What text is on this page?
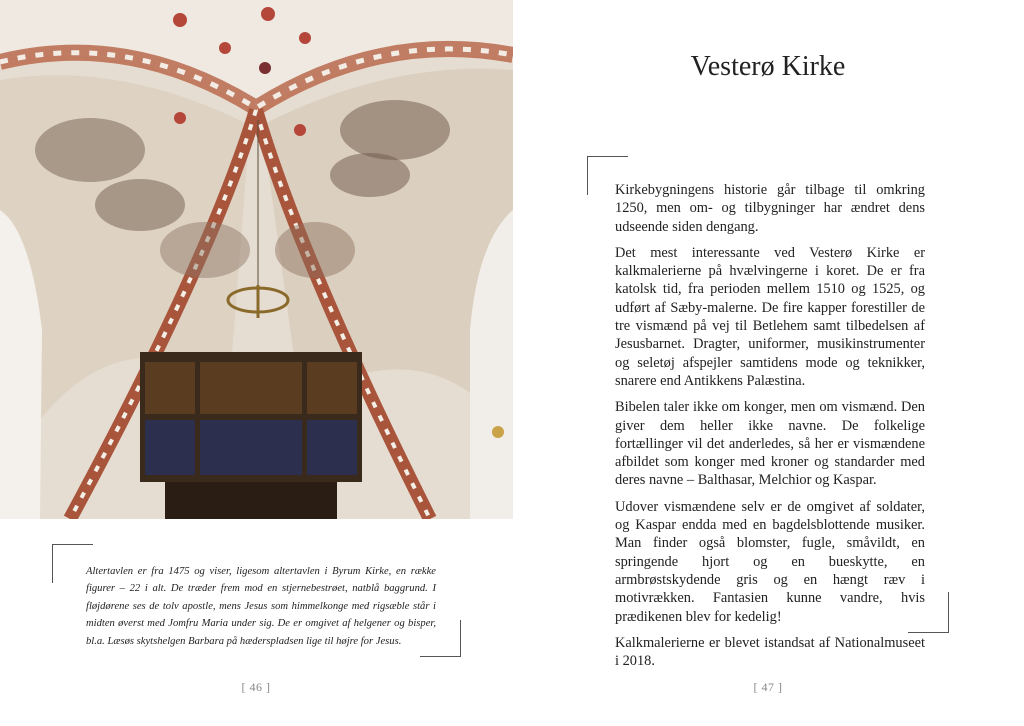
Altertavlen er fra 1475 og viser, ligesom altertavlen i Byrum Kirke, en række figurer – 22 i alt. De træder frem mod en stjernebestrøet, natblå baggrund. I fløjdørene ses de tolv apostle, mens Jesus som himmelkonge med rigsæble står i midten øverst med Jomfru Maria under sig. De er omgivet af helgener og bisper, bl.a. Læsøs skytshelgen Barbara på hæderspladsen lige til højre for Jesus.
[ 46 ]
Vesterø Kirke

Kirkebygningens historie går tilbage til omkring 1250, men om- og tilbygninger har ændret dens udseende siden dengang.

Det mest interessante ved Vesterø Kirke er kalkmalerierne på hvælvingerne i koret. De er fra katolsk tid, fra perioden mellem 1510 og 1525, og udført af Sæby-malerne. De fire kapper forestiller de tre vismænd på vej til Betlehem samt tilbedelsen af Jesusbarnet. Dragter, uniformer, musikinstrumenter og seletøj afspejler samtidens mode og teknikker, snarere end Antikkens Palæstina.

Bibelen taler ikke om konger, men om vismænd. Den giver dem heller ikke navne. De folkelige fortællinger vil det anderledes, så her er vismændene afbildet som konger med kroner og standarder med deres navne – Balthasar, Melchior og Kaspar.

Udover vismændene selv er de omgivet af soldater, og Kaspar endda med en bagdelsblottende musiker. Man finder også blomster, fugle, småvildt, en springende hjort og en bueskytte, en armbrøstskydende gris og en hængt ræv i motivrækken. Fantasien kunne vandre, hvis prædikenen blev for kedelig!

Kalkmalerierne er blevet istandsat af Nationalmuseet i 2018.

[ 47 ]
